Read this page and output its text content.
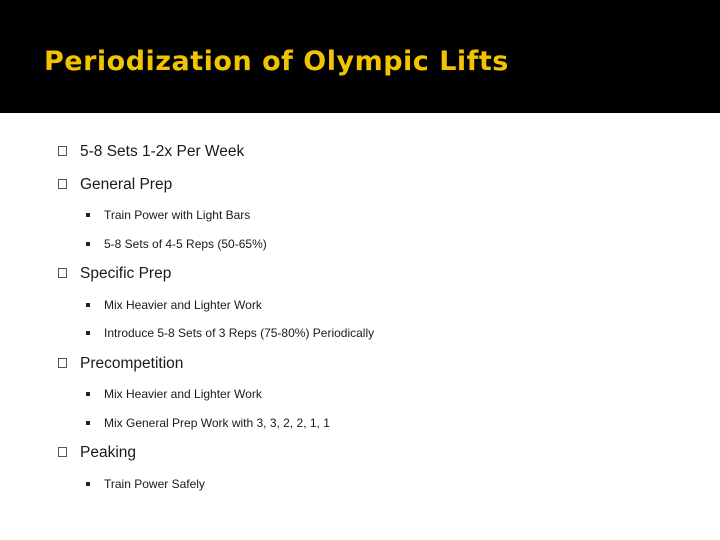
Periodization of Olympic Lifts
5-8 Sets 1-2x Per Week
General Prep
Train Power with Light Bars
5-8 Sets of 4-5 Reps (50-65%)
Specific Prep
Mix Heavier and Lighter Work
Introduce 5-8 Sets of 3 Reps (75-80%) Periodically
Precompetition
Mix Heavier and Lighter Work
Mix General Prep Work with 3, 3, 2, 2, 1, 1
Peaking
Train Power Safely
